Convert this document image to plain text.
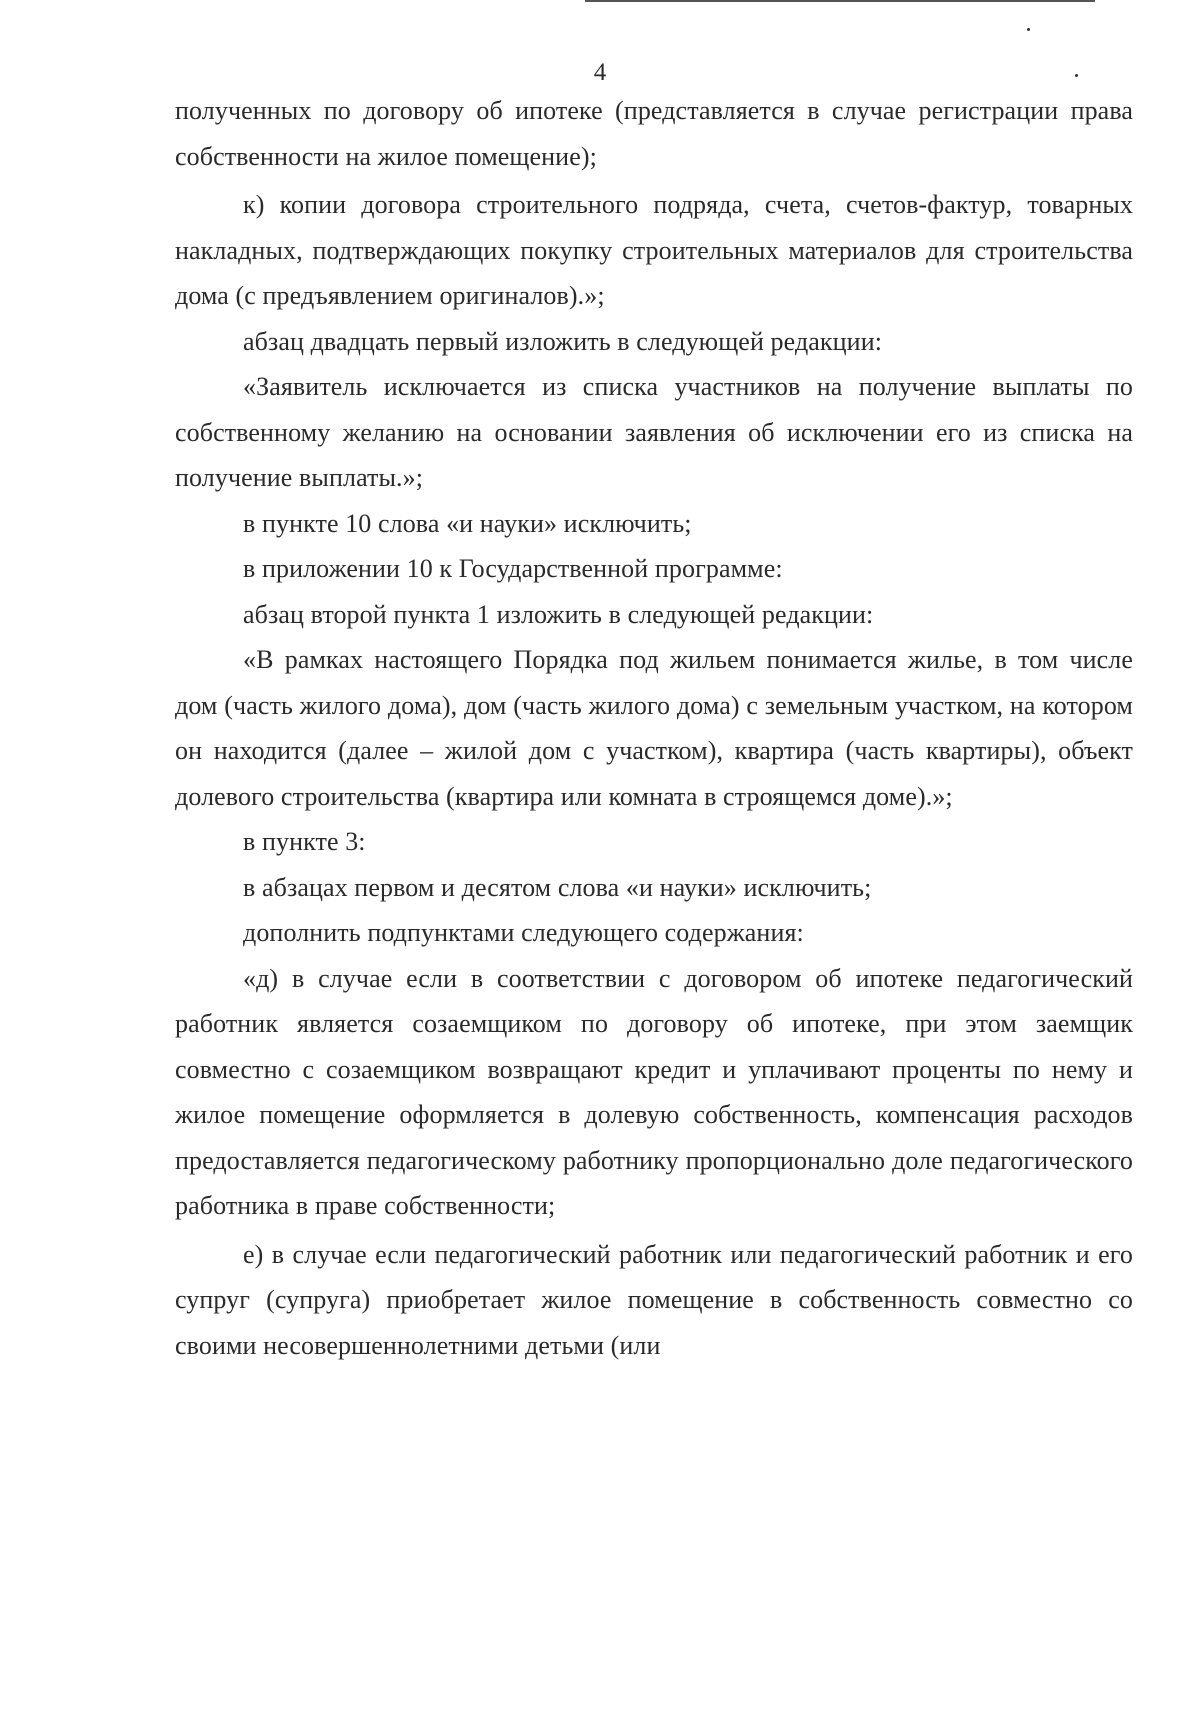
4

полученных по договору об ипотеке (представляется в случае регистрации права собственности на жилое помещение);

к) копии договора строительного подряда, счета, счетов-фактур, товарных накладных, подтверждающих покупку строительных материалов для строительства дома (с предъявлением оригиналов).»;

абзац двадцать первый изложить в следующей редакции:

«Заявитель исключается из списка участников на получение выплаты по собственному желанию на основании заявления об исключении его из списка на получение выплаты.»;

в пункте 10 слова «и науки» исключить;

в приложении 10 к Государственной программе:

абзац второй пункта 1 изложить в следующей редакции:

«В рамках настоящего Порядка под жильем понимается жилье, в том числе дом (часть жилого дома), дом (часть жилого дома) с земельным участком, на котором он находится (далее – жилой дом с участком), квартира (часть квартиры), объект долевого строительства (квартира или комната в строящемся доме).»;

в пункте 3:

в абзацах первом и десятом слова «и науки» исключить;

дополнить подпунктами следующего содержания:

«д) в случае если в соответствии с договором об ипотеке педагогический работник является созаемщиком по договору об ипотеке, при этом заемщик совместно с созаемщиком возвращают кредит и уплачивают проценты по нему и жилое помещение оформляется в долевую собственность, компенсация расходов предоставляется педагогическому работнику пропорционально доле педагогического работника в праве собственности;

е) в случае если педагогический работник или педагогический работник и его супруг (супруга) приобретает жилое помещение в собственность совместно со своими несовершеннолетними детьми (или
